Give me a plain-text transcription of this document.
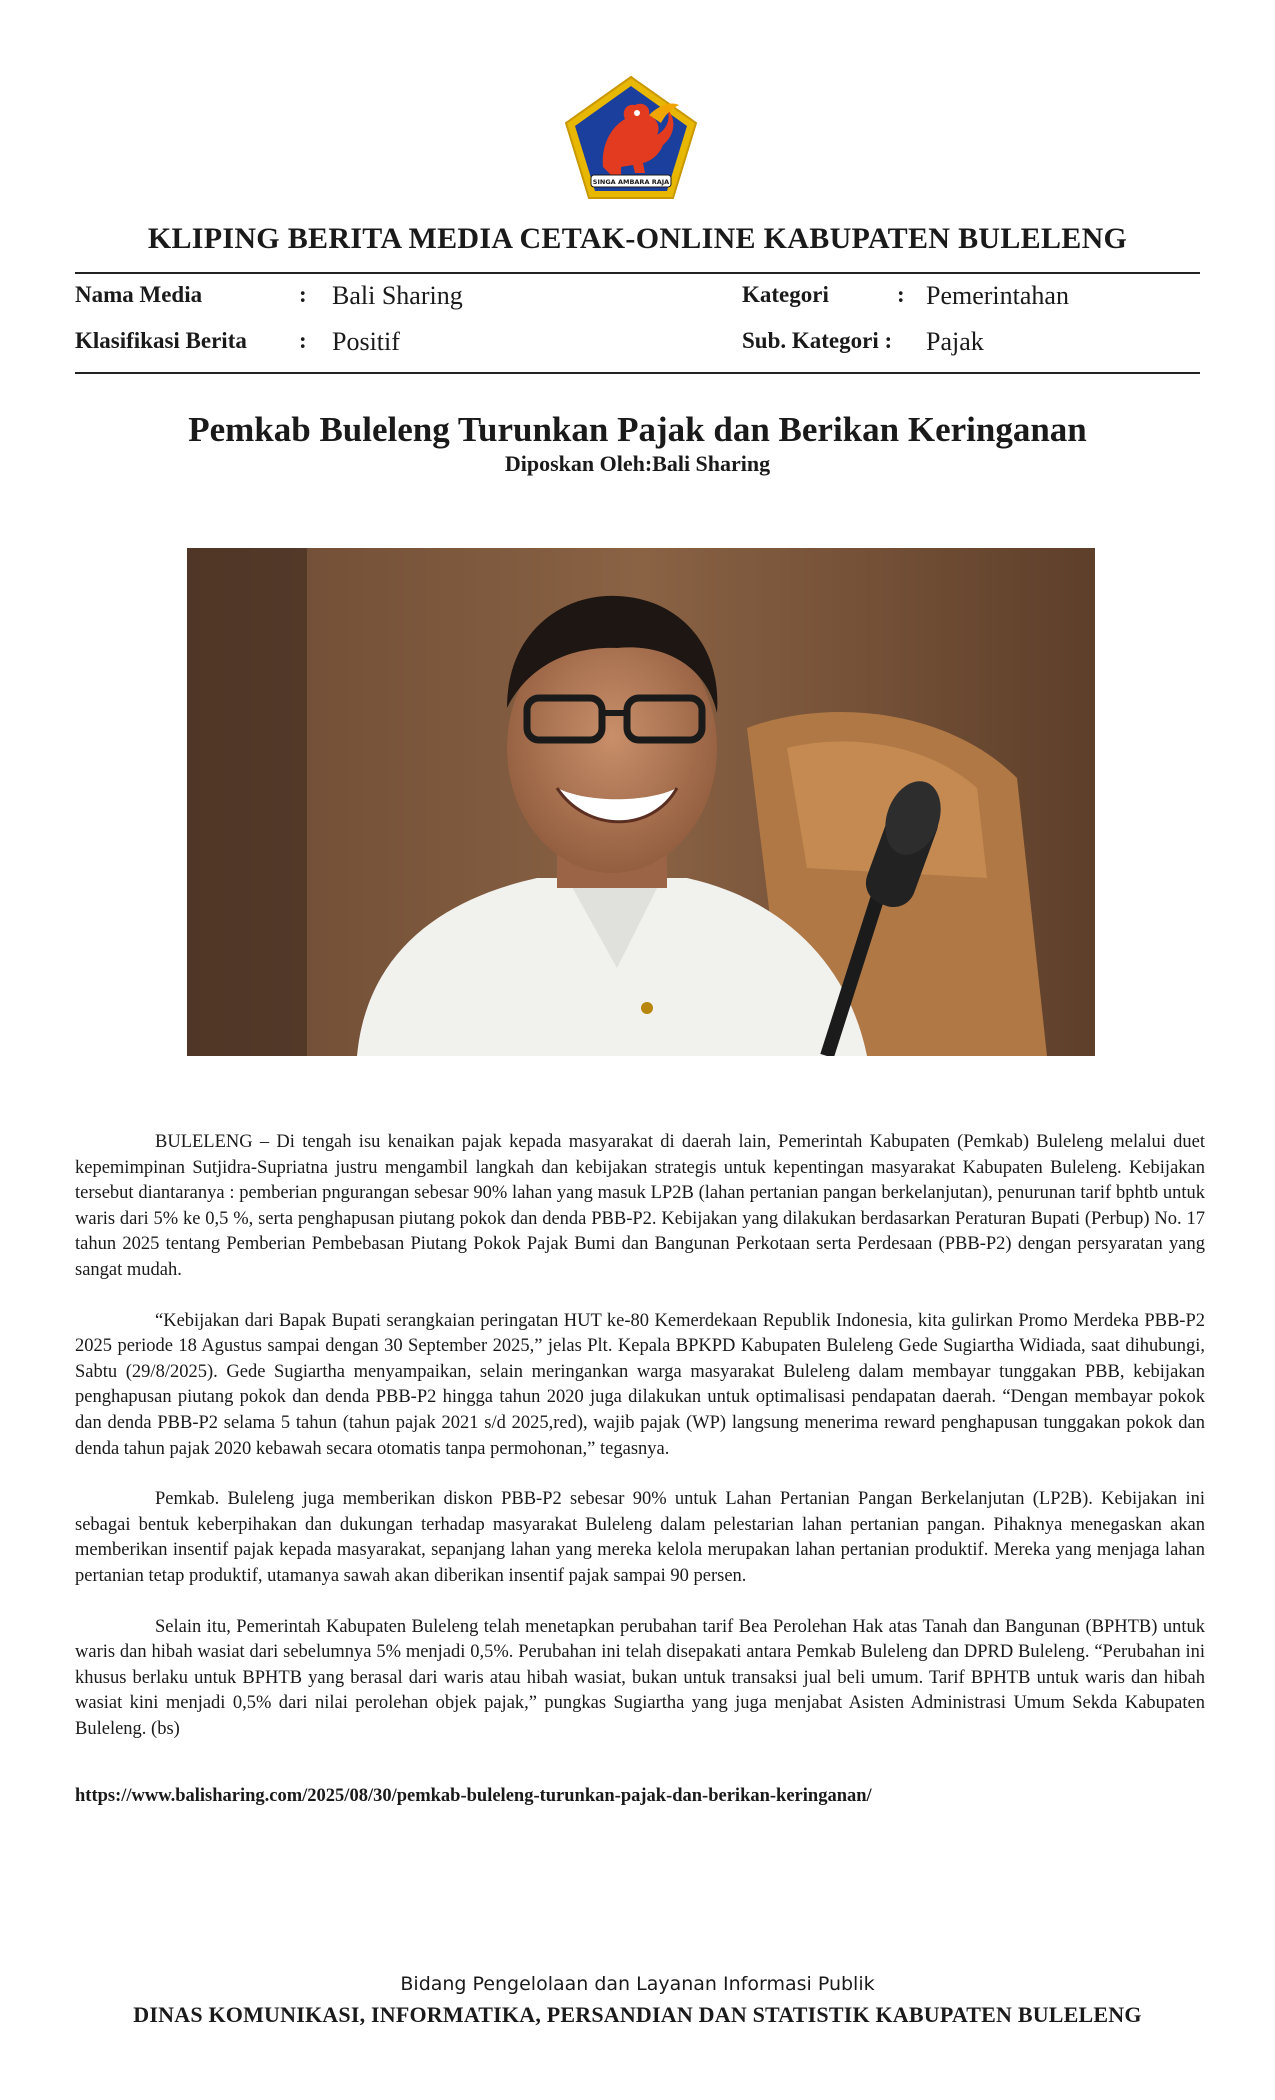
SINGA AMBARA RAJA
KLIPING BERITA MEDIA CETAK-ONLINE KABUPATEN BULELENG
Nama Media	: Bali Sharing
Klasifikasi Berita : Positif
Kategori	: Pemerintahan
Sub. Kategori : Pajak
Pemkab Buleleng Turunkan Pajak dan Berikan Keringanan
Diposkan Oleh:Bali Sharing

BULELENG – Di tengah isu kenaikan pajak kepada masyarakat di daerah lain, Pemerintah Kabupaten (Pemkab) Buleleng melalui duet kepemimpinan Sutjidra-Supriatna justru mengambil langkah dan kebijakan strategis untuk kepentingan masyarakat Kabupaten Buleleng. Kebijakan tersebut diantaranya : pemberian pngurangan sebesar 90% lahan yang masuk LP2B (lahan pertanian pangan berkelanjutan), penurunan tarif bphtb untuk waris dari 5% ke 0,5 %, serta penghapusan piutang pokok dan denda PBB-P2. Kebijakan yang dilakukan berdasarkan Peraturan Bupati (Perbup) No. 17 tahun 2025 tentang Pemberian Pembebasan Piutang Pokok Pajak Bumi dan Bangunan Perkotaan serta Perdesaan (PBB-P2) dengan persyaratan yang sangat mudah.

“Kebijakan dari Bapak Bupati serangkaian peringatan HUT ke-80 Kemerdekaan Republik Indonesia, kita gulirkan Promo Merdeka PBB-P2 2025 periode 18 Agustus sampai dengan 30 September 2025,” jelas Plt. Kepala BPKPD Kabupaten Buleleng Gede Sugiartha Widiada, saat dihubungi, Sabtu (29/8/2025). Gede Sugiartha menyampaikan, selain meringankan warga masyarakat Buleleng dalam membayar tunggakan PBB, kebijakan penghapusan piutang pokok dan denda PBB-P2 hingga tahun 2020 juga dilakukan untuk optimalisasi pendapatan daerah. “Dengan membayar pokok dan denda PBB-P2 selama 5 tahun (tahun pajak 2021 s/d 2025,red), wajib pajak (WP) langsung menerima reward penghapusan tunggakan pokok dan denda tahun pajak 2020 kebawah secara otomatis tanpa permohonan,” tegasnya.

Pemkab. Buleleng juga memberikan diskon PBB-P2 sebesar 90% untuk Lahan Pertanian Pangan Berkelanjutan (LP2B). Kebijakan ini sebagai bentuk keberpihakan dan dukungan terhadap masyarakat Buleleng dalam pelestarian lahan pertanian pangan. Pihaknya menegaskan akan memberikan insentif pajak kepada masyarakat, sepanjang lahan yang mereka kelola merupakan lahan pertanian produktif. Mereka yang menjaga lahan pertanian tetap produktif, utamanya sawah akan diberikan insentif pajak sampai 90 persen.

Selain itu, Pemerintah Kabupaten Buleleng telah menetapkan perubahan tarif Bea Perolehan Hak atas Tanah dan Bangunan (BPHTB) untuk waris dan hibah wasiat dari sebelumnya 5% menjadi 0,5%. Perubahan ini telah disepakati antara Pemkab Buleleng dan DPRD Buleleng. “Perubahan ini khusus berlaku untuk BPHTB yang berasal dari waris atau hibah wasiat, bukan untuk transaksi jual beli umum. Tarif BPHTB untuk waris dan hibah wasiat kini menjadi 0,5% dari nilai perolehan objek pajak,” pungkas Sugiartha yang juga menjabat Asisten Administrasi Umum Sekda Kabupaten Buleleng. (bs)

https://www.balisharing.com/2025/08/30/pemkab-buleleng-turunkan-pajak-dan-berikan-keringanan/
Bidang Pengelolaan dan Layanan Informasi Publik
DINAS KOMUNIKASI, INFORMATIKA, PERSANDIAN DAN STATISTIK KABUPATEN BULELENG
